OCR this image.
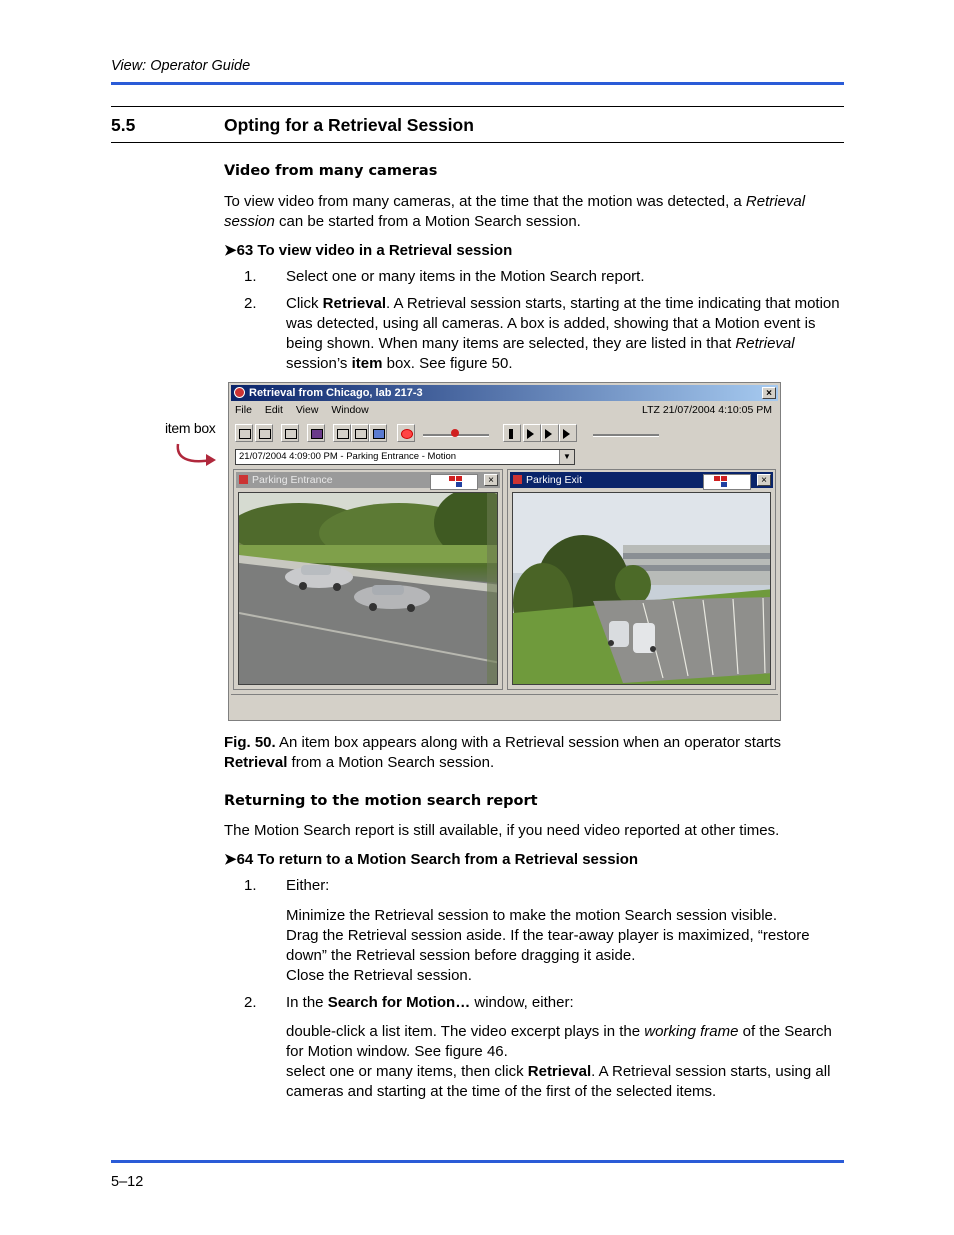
View: Operator Guide
5.5	Opting for a Retrieval Session
Video from many cameras
To view video from many cameras, at the time that the motion was detected, a Retrieval session can be started from a Motion Search session.
➤63 To view video in a Retrieval session
1. Select one or many items in the Motion Search report.
2. Click Retrieval. A Retrieval session starts, starting at the time indicating that motion was detected, using all cameras. A box is added, showing that a Motion event is being shown. When many items are selected, they are listed in that Retrieval session’s item box. See figure 50.
item box
Retrieval from Chicago, lab 217-3	×
File Edit View Window	LTZ 21/07/2004 4:10:05 PM
21/07/2004 4:09:00 PM - Parking Entrance - Motion	▼
Parking Entrance	×	Parking Exit	×
Fig. 50. An item box appears along with a Retrieval session when an operator starts Retrieval from a Motion Search session.
Returning to the motion search report
The Motion Search report is still available, if you need video reported at other times.
➤64 To return to a Motion Search from a Retrieval session
1. Either:
Minimize the Retrieval session to make the motion Search session visible.
Drag the Retrieval session aside. If the tear-away player is maximized, “restore down” the Retrieval session before dragging it aside.
Close the Retrieval session.
2. In the Search for Motion… window, either:
double-click a list item. The video excerpt plays in the working frame of the Search for Motion window. See figure 46.
select one or many items, then click Retrieval. A Retrieval session starts, using all cameras and starting at the time of the first of the selected items.
5–12
